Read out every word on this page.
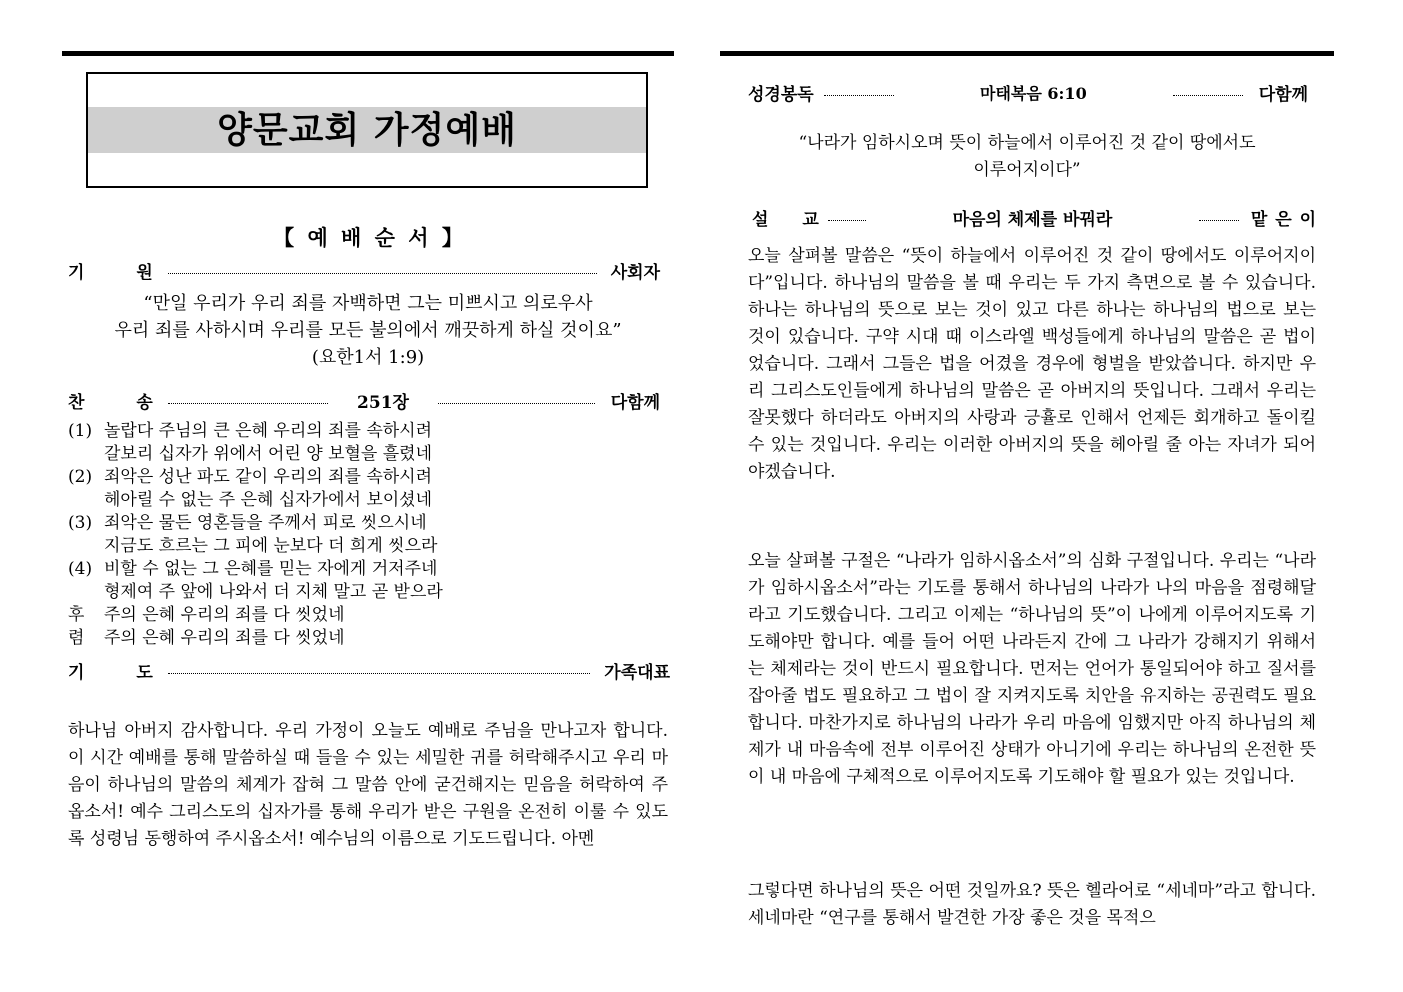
양문교회 가정예배
【 예 배 순 서 】
기 원	사회자
“만일 우리가 우리 죄를 자백하면 그는 미쁘시고 의로우사
우리 죄를 사하시며 우리를 모든 불의에서 깨끗하게 하실 것이요”
(요한1서 1:9)
찬 송	251장	다함께
(1) 놀랍다 주님의 큰 은혜 우리의 죄를 속하시려
갈보리 십자가 위에서 어린 양 보혈을 흘렸네
(2) 죄악은 성난 파도 같이 우리의 죄를 속하시려
헤아릴 수 없는 주 은혜 십자가에서 보이셨네
(3) 죄악은 물든 영혼들을 주께서 피로 씻으시네
지금도 흐르는 그 피에 눈보다 더 희게 씻으라
(4) 비할 수 없는 그 은혜를 믿는 자에게 거저주네
형제여 주 앞에 나와서 더 지체 말고 곧 받으라
후	주의 은혜 우리의 죄를 다 씻었네
렴	주의 은혜 우리의 죄를 다 씻었네
기 도	가족대표
하나님 아버지 감사합니다. 우리 가정이 오늘도 예배로 주님을 만나고자 합니다. 이 시간 예배를 통해 말씀하실 때 들을 수 있는 세밀한 귀를 허락해주시고 우리 마음이 하나님의 말씀의 체계가 잡혀 그 말씀 안에 굳건해지는 믿음을 허락하여 주옵소서! 예수 그리스도의 십자가를 통해 우리가 받은 구원을 온전히 이룰 수 있도록 성령님 동행하여 주시옵소서! 예수님의 이름으로 기도드립니다. 아멘
성경봉독	마태복음 6:10	다함께
“나라가 임하시오며 뜻이 하늘에서 이루어진 것 같이 땅에서도
이루어지이다”
설 교	마음의 체제를 바꿔라	맡 은 이
오늘 살펴볼 말씀은 “뜻이 하늘에서 이루어진 것 같이 땅에서도 이루어지이다”입니다. 하나님의 말씀을 볼 때 우리는 두 가지 측면으로 볼 수 있습니다. 하나는 하나님의 뜻으로 보는 것이 있고 다른 하나는 하나님의 법으로 보는 것이 있습니다. 구약 시대 때 이스라엘 백성들에게 하나님의 말씀은 곧 법이었습니다. 그래서 그들은 법을 어겼을 경우에 형벌을 받았씁니다. 하지만 우리 그리스도인들에게 하나님의 말씀은 곧 아버지의 뜻입니다. 그래서 우리는 잘못했다 하더라도 아버지의 사랑과 긍휼로 인해서 언제든 회개하고 돌이킬 수 있는 것입니다. 우리는 이러한 아버지의 뜻을 헤아릴 줄 아는 자녀가 되어야겠습니다.
오늘 살펴볼 구절은 “나라가 임하시옵소서”의 심화 구절입니다. 우리는 “나라가 임하시옵소서”라는 기도를 통해서 하나님의 나라가 나의 마음을 점령해달라고 기도했습니다. 그리고 이제는 “하나님의 뜻”이 나에게 이루어지도록 기도해야만 합니다. 예를 들어 어떤 나라든지 간에 그 나라가 강해지기 위해서는 체제라는 것이 반드시 필요합니다. 먼저는 언어가 통일되어야 하고 질서를 잡아줄 법도 필요하고 그 법이 잘 지켜지도록 치안을 유지하는 공권력도 필요합니다. 마찬가지로 하나님의 나라가 우리 마음에 임했지만 아직 하나님의 체제가 내 마음속에 전부 이루어진 상태가 아니기에 우리는 하나님의 온전한 뜻이 내 마음에 구체적으로 이루어지도록 기도해야 할 필요가 있는 것입니다.
그렇다면 하나님의 뜻은 어떤 것일까요? 뜻은 헬라어로 “세네마”라고 합니다. 세네마란 “연구를 통해서 발견한 가장 좋은 것을 목적으
